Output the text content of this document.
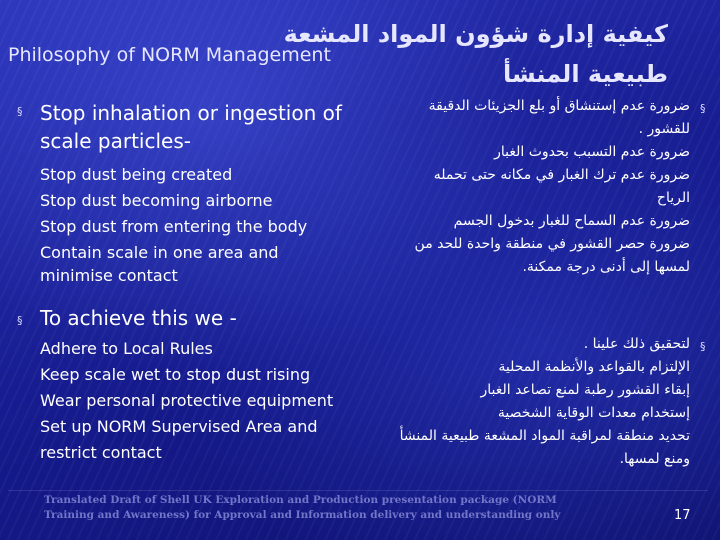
كيفية إدارة شؤون المواد المشعة
Philosophy of NORM Management
طبيعية المنشأ
§ Stop inhalation or ingestion of
scale particles-
Stop dust being created
Stop dust becoming airborne
Stop dust from entering the body
Contain scale in one area and
minimise contact
§
ضرورة عدم إستنشاق أو بلع الجزيئات الدقيقة
للقشور .
ضرورة عدم التسبب بحدوث الغبار
ضرورة عدم ترك الغبار في مكانه حتى تحمله
الرياح
ضرورة عدم السماح للغبار بدخول الجسم
ضرورة حصر القشور في منطقة واحدة للحد من
لمسها إلى أدنى درجة ممكنة.
§ To achieve this we -
Adhere to Local Rules
Keep scale wet to stop dust rising
Wear personal protective equipment
Set up NORM Supervised Area and
restrict contact
§
لتحقيق ذلك علينا .
الإلتزام بالقواعد والأنظمة المحلية
إبقاء القشور رطبة لمنع تصاعد الغبار
إستخدام معدات الوقاية الشخصية
تحديد منطقة لمراقبة المواد المشعة طبيعية المنشأ
ومنع لمسها.
Translated Draft of Shell UK Exploration and Production presentation package (NORM
Training and Awareness) for Approval and Information delivery and understanding only	17
